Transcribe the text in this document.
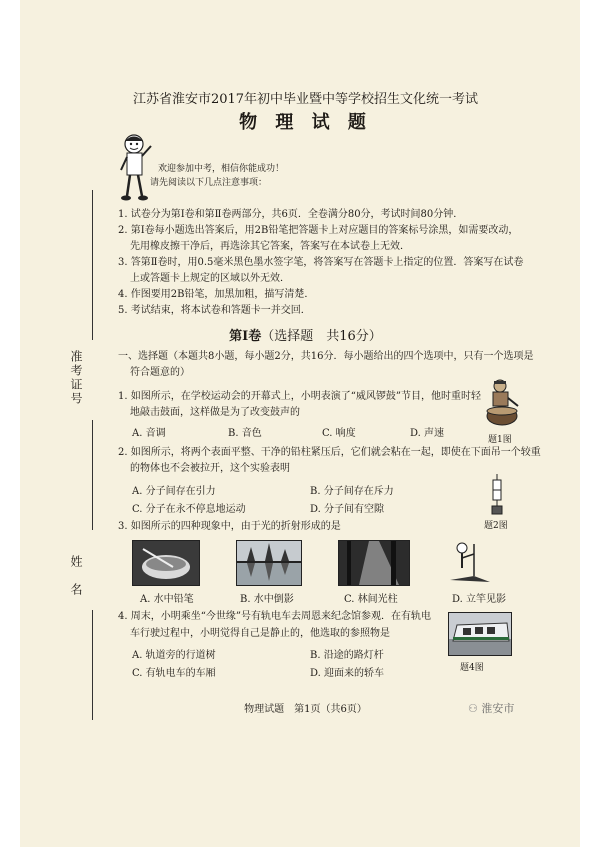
准考证号
姓　名
江苏省淮安市2017年初中毕业暨中等学校招生文化统一考试
物 理 试 题
欢迎参加中考，相信你能成功！
请先阅读以下几点注意事项：
1. 试卷分为第Ⅰ卷和第Ⅱ卷两部分，共6页．全卷满分80分，考试时间80分钟．
2. 第Ⅰ卷每小题选出答案后，用2B铅笔把答题卡上对应题目的答案标号涂黑，如需要改动，
先用橡皮擦干净后，再选涂其它答案，答案写在本试卷上无效．
3. 答第Ⅱ卷时，用0.5毫米黑色墨水签字笔，将答案写在答题卡上指定的位置．答案写在试卷
上或答题卡上规定的区域以外无效．
4. 作图要用2B铅笔，加黑加粗，描写清楚．
5. 考试结束，将本试卷和答题卡一并交回．
第Ⅰ卷（选择题　共16分）
一、选择题（本题共8小题，每小题2分，共16分．每小题给出的四个选项中，只有一个选项是
符合题意的）
1. 如图所示，在学校运动会的开幕式上，小明表演了“威风锣鼓”节目，他时重时轻
地敲击鼓面，这样做是为了改变鼓声的
A. 音调	B. 音色	C. 响度	D. 声速
题1图
2. 如图所示，将两个表面平整、干净的铅柱紧压后，它们就会粘在一起，即使在下面吊一个较重
的物体也不会被拉开，这个实验表明
A. 分子间存在引力	B. 分子间存在斥力
C. 分子在永不停息地运动	D. 分子间有空隙
题2图
3. 如图所示的四种现象中，由于光的折射形成的是
A. 水中铅笔	B. 水中倒影	C. 林间光柱	D. 立竿见影
4. 周末，小明乘坐“今世缘”号有轨电车去周恩来纪念馆参观．在有轨电
车行驶过程中，小明觉得自己是静止的，他选取的参照物是
A. 轨道旁的行道树	B. 沿途的路灯杆
C. 有轨电车的车厢	D. 迎面来的轿车	题4图
物理试题　第1页（共6页）	⚇ 淮安市
